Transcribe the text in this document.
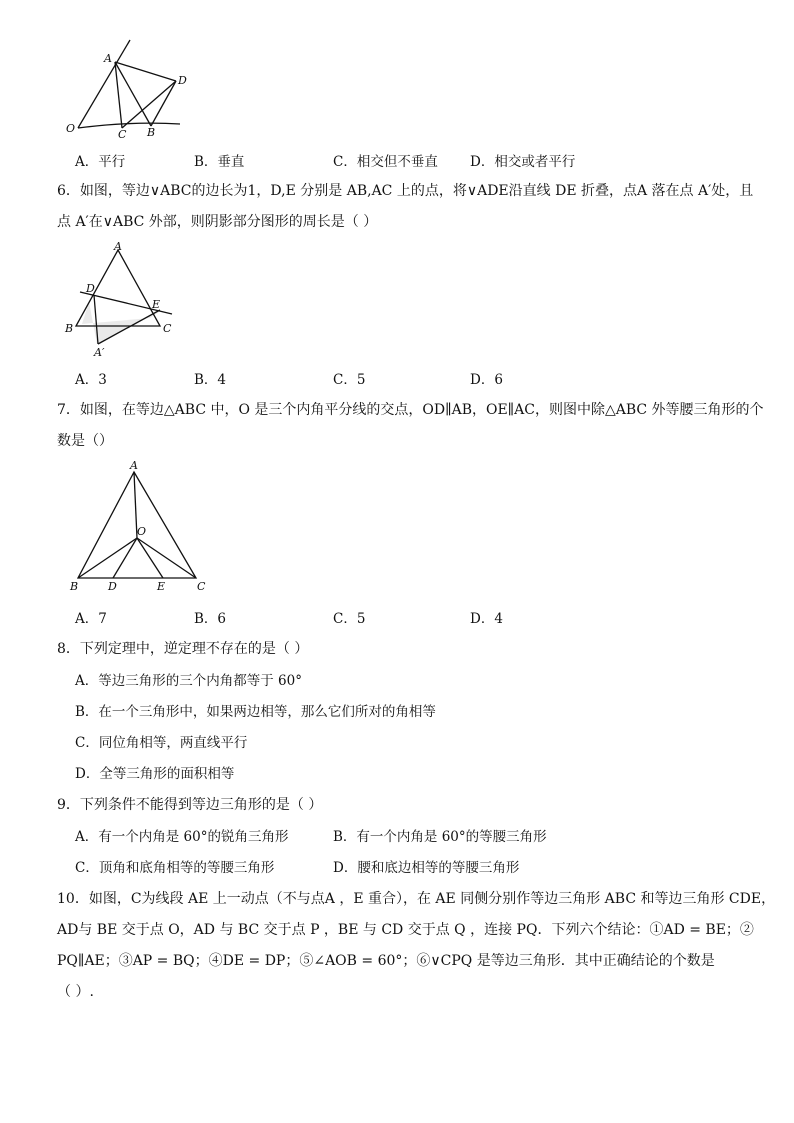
A
D
O	C B
A．平行	B．垂直	C．相交但不垂直 D．相交或者平行
6．如图，等边∨ABC的边长为1，D,E 分别是 AB,AC 上的点，将∨ADE沿直线 DE 折叠，点A 落在点 A′处，且
点 A′在∨ABC 外部，则阴影部分图形的周长是（ ）
A
D
E
B	C
A′
A．3	B．4	C．5	D．6
7．如图，在等边△ABC 中，O 是三个内角平分线的交点，OD∥AB，OE∥AC，则图中除△ABC 外等腰三角形的个
数是（）
A
O
B	D	E	C
A．7	B．6	C．5	D．4
8．下列定理中，逆定理不存在的是（ ）
A．等边三角形的三个内角都等于 60°
B．在一个三角形中，如果两边相等，那么它们所对的角相等
C．同位角相等，两直线平行
D．全等三角形的面积相等
9．下列条件不能得到等边三角形的是（ ）
A．有一个内角是 60°的锐角三角形	B．有一个内角是 60°的等腰三角形
C．顶角和底角相等的等腰三角形	D．腰和底边相等的等腰三角形
10．如图，C为线段 AE 上一动点（不与点A ，E 重合），在 AE 同侧分别作等边三角形 ABC 和等边三角形 CDE，
AD与 BE 交于点 O，AD 与 BC 交于点 P ，BE 与 CD 交于点 Q ，连接 PQ．下列六个结论：①AD = BE；②
PQ∥AE；③AP = BQ；④DE = DP；⑤∠AOB = 60°；⑥∨CPQ 是等边三角形．其中正确结论的个数是
（ ）.
